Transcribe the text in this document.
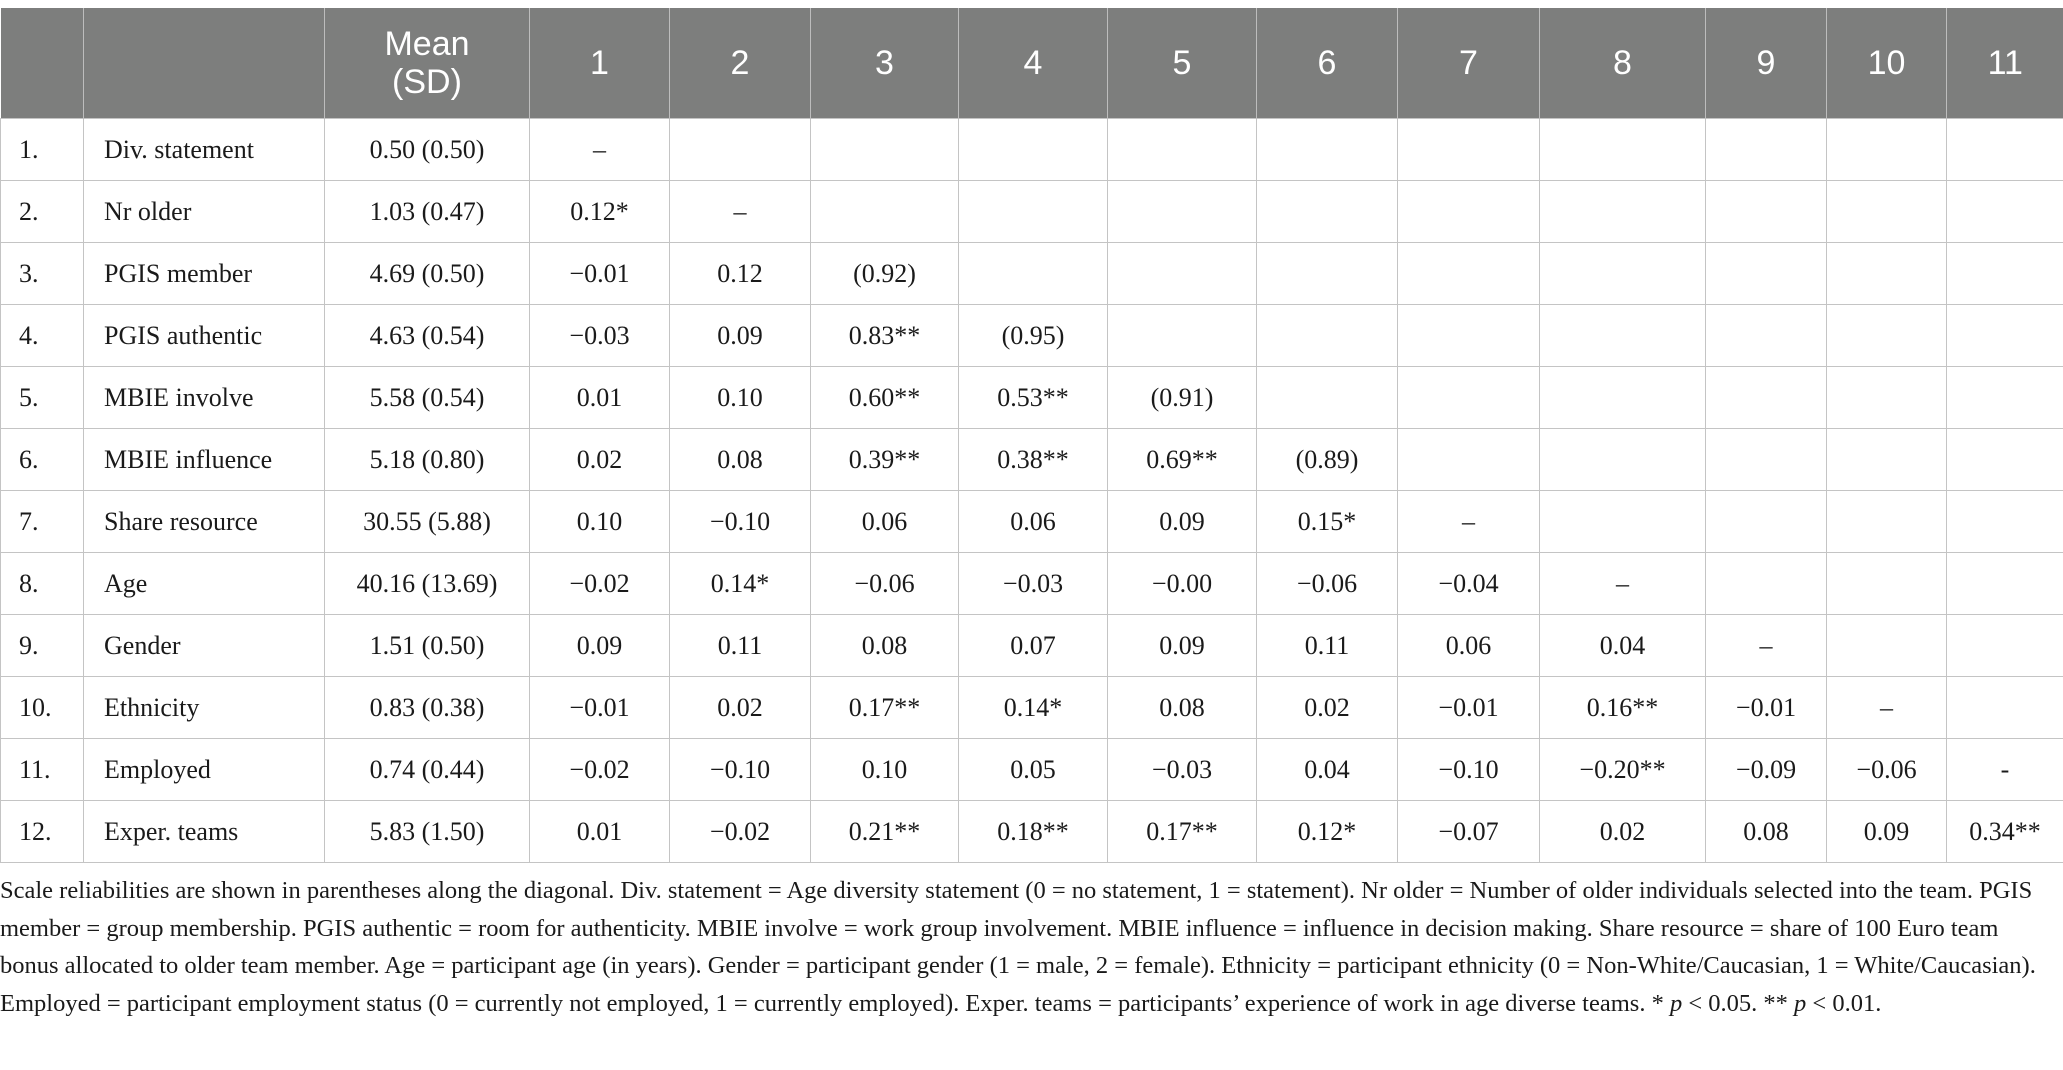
		Mean
(SD)	1	2	3	4	5	6	7	8	9	10	11
1.	Div. statement	0.50 (0.50)	–										
2.	Nr older	1.03 (0.47)	0.12*	–									
3.	PGIS member	4.69 (0.50)	−0.01	0.12	(0.92)								
4.	PGIS authentic	4.63 (0.54)	−0.03	0.09	0.83**	(0.95)							
5.	MBIE involve	5.58 (0.54)	0.01	0.10	0.60**	0.53**	(0.91)						
6.	MBIE influence	5.18 (0.80)	0.02	0.08	0.39**	0.38**	0.69**	(0.89)					
7.	Share resource	30.55 (5.88)	0.10	−0.10	0.06	0.06	0.09	0.15*	–				
8.	Age	40.16 (13.69)	−0.02	0.14*	−0.06	−0.03	−0.00	−0.06	−0.04	–			
9.	Gender	1.51 (0.50)	0.09	0.11	0.08	0.07	0.09	0.11	0.06	0.04	–		
10.	Ethnicity	0.83 (0.38)	−0.01	0.02	0.17**	0.14*	0.08	0.02	−0.01	0.16**	−0.01	–	
11.	Employed	0.74 (0.44)	−0.02	−0.10	0.10	0.05	−0.03	0.04	−0.10	−0.20**	−0.09	−0.06	-
12.	Exper. teams	5.83 (1.50)	0.01	−0.02	0.21**	0.18**	0.17**	0.12*	−0.07	0.02	0.08	0.09	0.34**
Scale reliabilities are shown in parentheses along the diagonal. Div. statement = Age diversity statement (0 = no statement, 1 = statement). Nr older = Number of older individuals selected into the team. PGIS member = group membership. PGIS authentic = room for authenticity. MBIE involve = work group involvement. MBIE influence = influence in decision making. Share resource = share of 100 Euro team bonus allocated to older team member. Age = participant age (in years). Gender = participant gender (1 = male, 2 = female). Ethnicity = participant ethnicity (0 = Non-White/Caucasian, 1 = White/Caucasian). Employed = participant employment status (0 = currently not employed, 1 = currently employed). Exper. teams = participants’ experience of work in age diverse teams. * p < 0.05. ** p < 0.01.
